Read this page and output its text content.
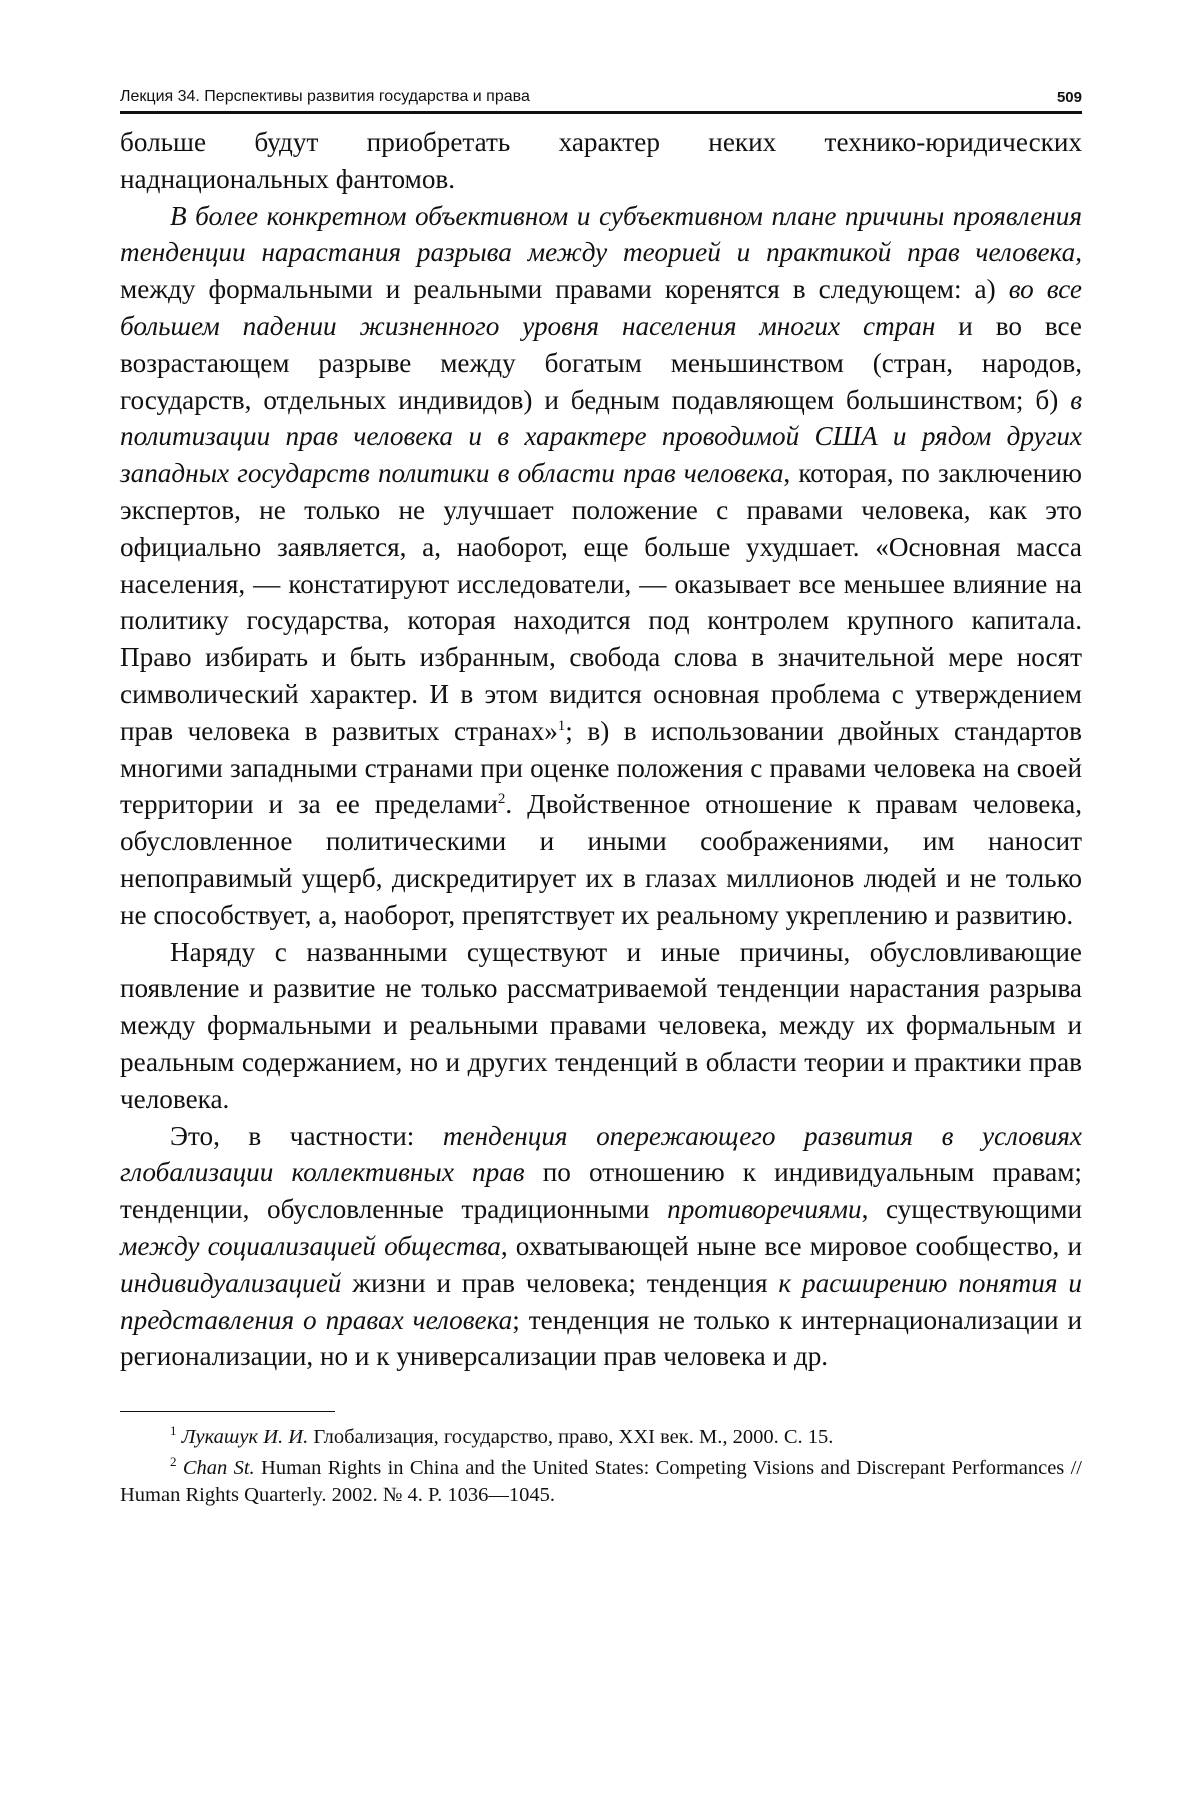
Лекция 34. Перспективы развития государства и права	509

больше будут приобретать характер неких технико-юридических наднациональных фантомов.

В более конкретном объективном и субъективном плане причины проявления тенденции нарастания разрыва между теорией и практикой прав человека, между формальными и реальными правами коренятся в следующем: а) во все большем падении жизненного уровня населения многих стран и во все возрастающем разрыве между богатым меньшинством (стран, народов, государств, отдельных индивидов) и бедным подавляющем большинством; б) в политизации прав человека и в характере проводимой США и рядом других западных государств политики в области прав человека, которая, по заключению экспертов, не только не улучшает положение с правами человека, как это официально заявляется, а, наоборот, еще больше ухудшает. «Основная масса населения, — констатируют исследователи, — оказывает все меньшее влияние на политику государства, которая находится под контролем крупного капитала. Право избирать и быть избранным, свобода слова в значительной мере носят символический характер. И в этом видится основная проблема с утверждением прав человека в развитых странах»$^1$; в) в использовании двойных стандартов многими западными странами при оценке положения с правами человека на своей территории и за ее пределами$^2$. Двойственное отношение к правам человека, обусловленное политическими и иными соображениями, им наносит непоправимый ущерб, дискредитирует их в глазах миллионов людей и не только не способствует, а, наоборот, препятствует их реальному укреплению и развитию.

Наряду с названными существуют и иные причины, обусловливающие появление и развитие не только рассматриваемой тенденции нарастания разрыва между формальными и реальными правами человека, между их формальным и реальным содержанием, но и других тенденций в области теории и практики прав человека.

Это, в частности: тенденция опережающего развития в условиях глобализации коллективных прав по отношению к индивидуальным правам; тенденции, обусловленные традиционными противоречиями, существующими между социализацией общества, охватывающей ныне все мировое сообщество, и индивидуализацией жизни и прав человека; тенденция к расширению понятия и представления о правах человека; тенденция не только к интернационализации и регионализации, но и к универсализации прав человека и др.

$^1$ Лукашук И. И. Глобализация, государство, право, XXI век. М., 2000. С. 15.

$^2$ Chan St. Human Rights in China and the United States: Competing Visions and Discrepant Performances // Human Rights Quarterly. 2002. № 4. P. 1036—1045.
